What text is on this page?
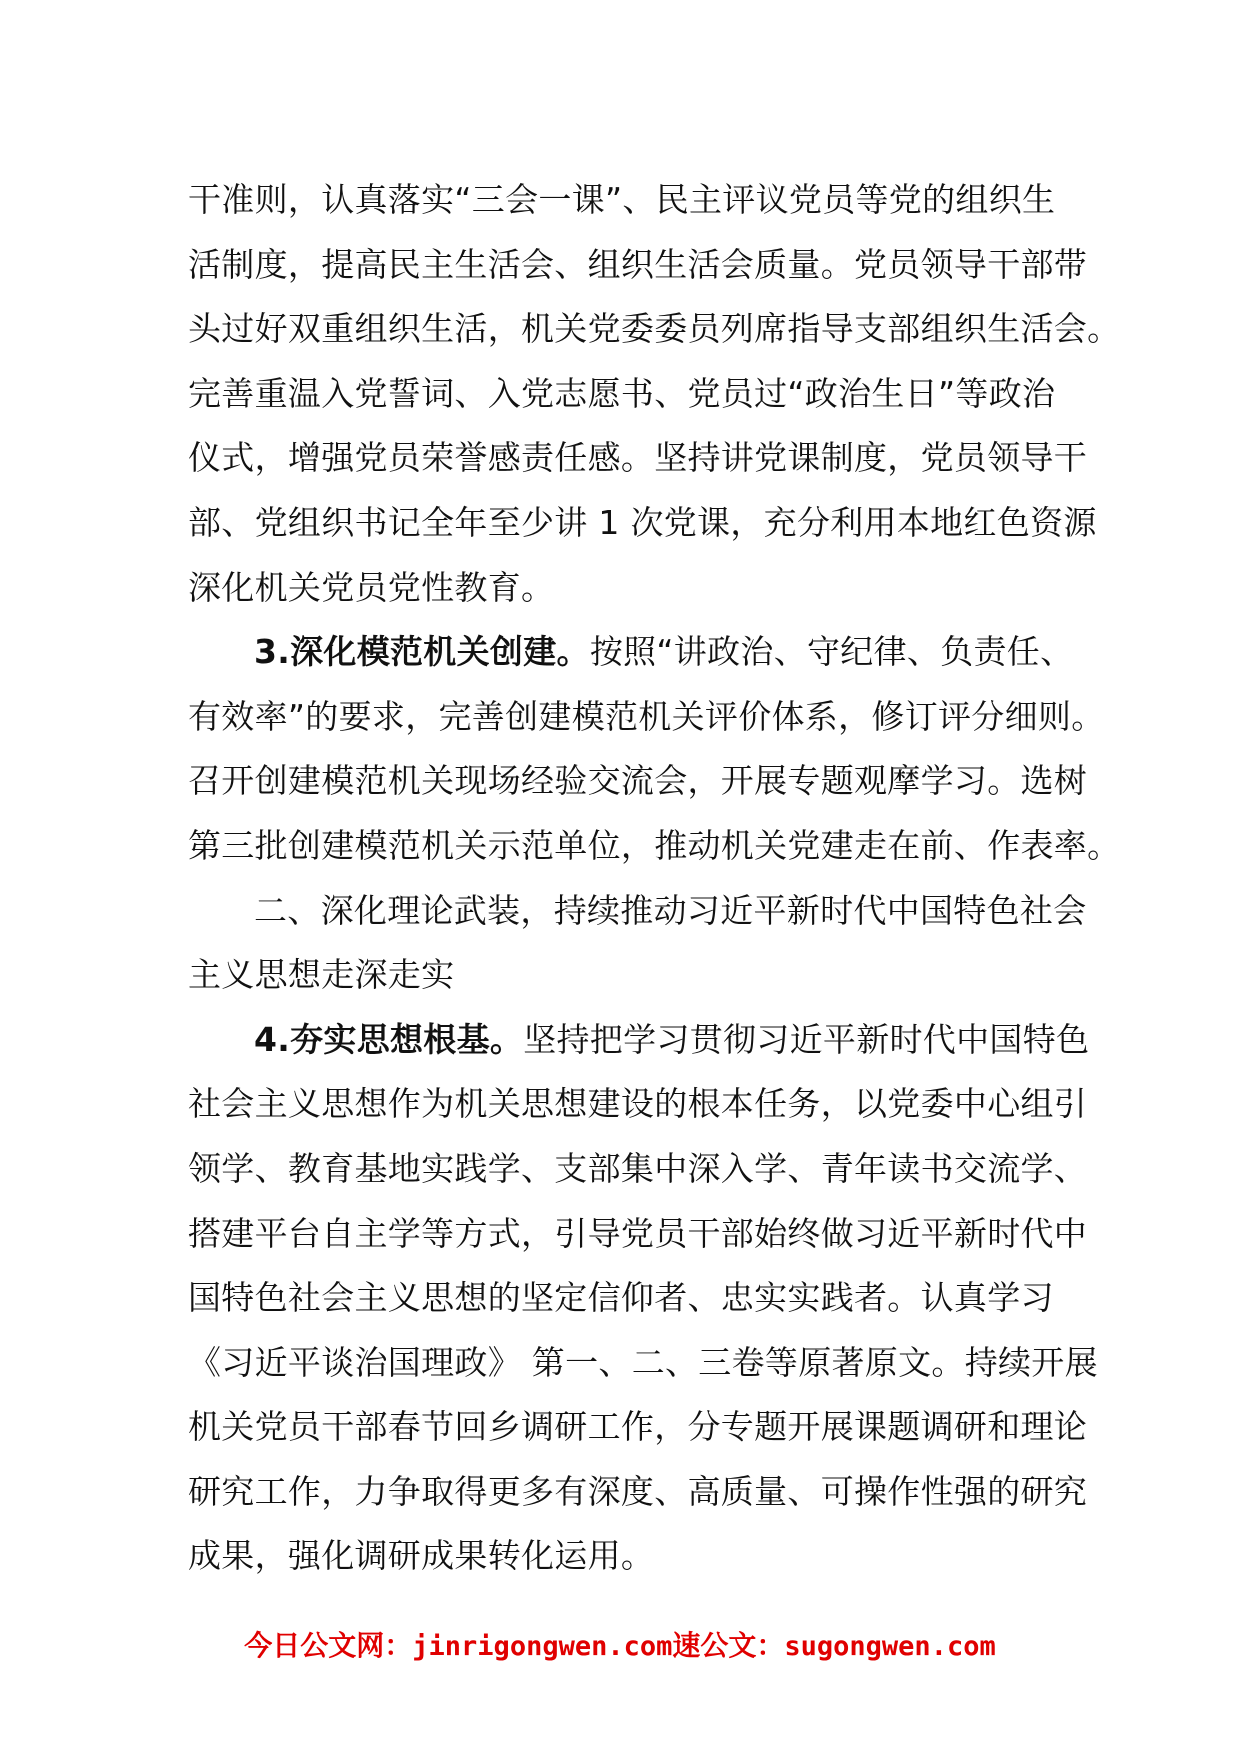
干准则，认真落实“三会一课”、民主评议党员等党的组织生
活制度，提高民主生活会、组织生活会质量。党员领导干部带
头过好双重组织生活，机关党委委员列席指导支部组织生活会。
完善重温入党誓词、入党志愿书、党员过“政治生日”等政治
仪式，增强党员荣誉感责任感。坚持讲党课制度，党员领导干
部、党组织书记全年至少讲 1 次党课，充分利用本地红色资源
深化机关党员党性教育。
3.深化模范机关创建。按照“讲政治、守纪律、负责任、
有效率”的要求，完善创建模范机关评价体系，修订评分细则。
召开创建模范机关现场经验交流会，开展专题观摩学习。选树
第三批创建模范机关示范单位，推动机关党建走在前、作表率。
二、深化理论武装，持续推动习近平新时代中国特色社会
主义思想走深走实
4.夯实思想根基。坚持把学习贯彻习近平新时代中国特色
社会主义思想作为机关思想建设的根本任务，以党委中心组引
领学、教育基地实践学、支部集中深入学、青年读书交流学、
搭建平台自主学等方式，引导党员干部始终做习近平新时代中
国特色社会主义思想的坚定信仰者、忠实实践者。认真学习
《习近平谈治国理政》 第一、二、三卷等原著原文。持续开展
机关党员干部春节回乡调研工作，分专题开展课题调研和理论
研究工作，力争取得更多有深度、高质量、可操作性强的研究
成果，强化调研成果转化运用。
今日公文网：jinrigongwen.com速公文：sugongwen.com
